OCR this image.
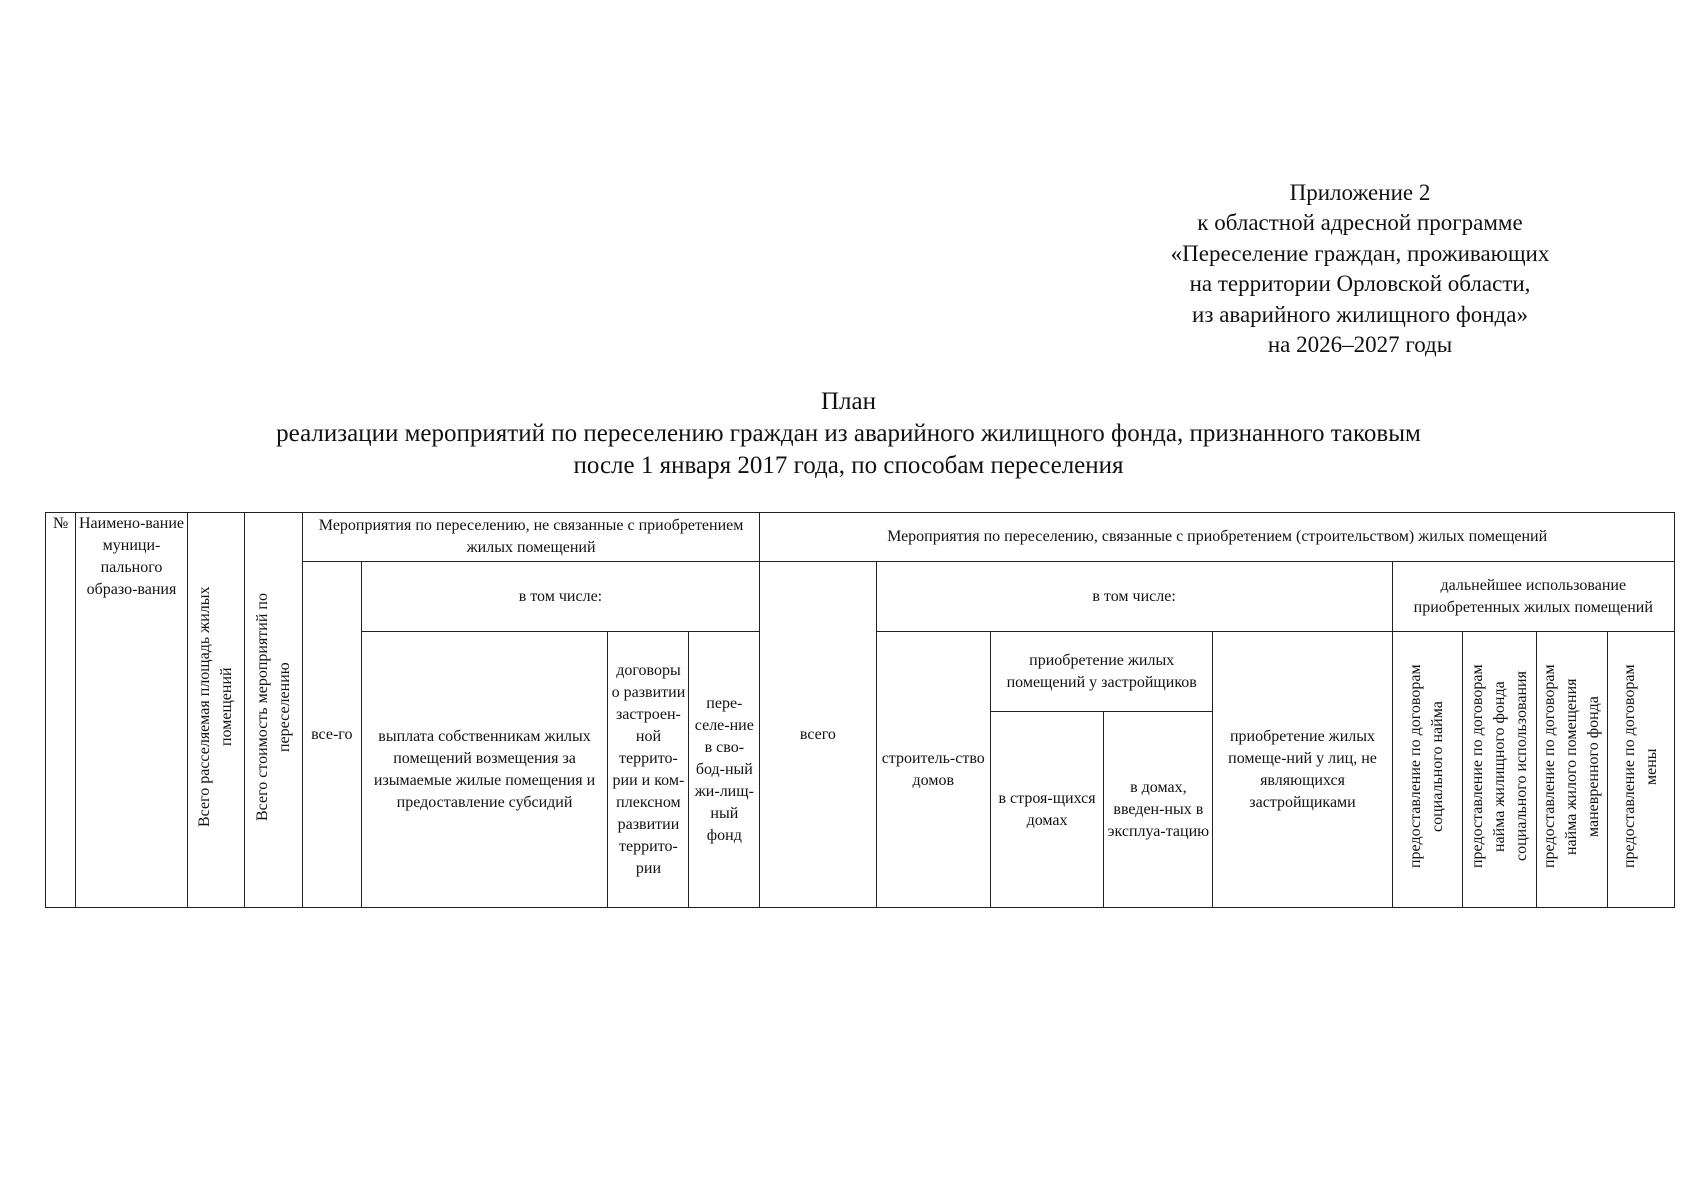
Приложение 2
к областной адресной программе
«Переселение граждан, проживающих
на территории Орловской области,
из аварийного жилищного фонда»
на 2026–2027 годы
План
реализации мероприятий по переселению граждан из аварийного жилищного фонда, признанного таковым
после 1 января 2017 года, по способам переселения
№	Наимено-вание муници-пального образо-вания	Всего расселяемая площадь жилых помещений	Всего стоимость мероприятий по переселению	Мероприятия по переселению, не связанные с приобретением жилых помещений				Мероприятия по переселению, связанные с приобретением (строительством) жилых помещений								
				все-го	в том числе:			всего	в том числе:				дальнейшее использование приобретенных жилых помещений			
					выплата собственникам жилых помещений возмещения за изымаемые жилые помещения и предоставление субсидий	договоры о развитии застроен-ной террито-рии и ком-плексном развитии террито-рии	пере-селе-ние в сво-бод-ный жи-лищ-ный фонд		строитель-ство домов	приобретение жилых помещений у застройщиков		приобретение жилых помеще-ний у лиц, не являющихся застройщиками	предоставление по договорам социального найма	предоставление по договорам найма жилищного фонда социального использования	предоставление по договорам найма жилого помещения маневренного фонда	предоставление по договорам мены
										в строя-щихся домах	в домах, введен-ных в эксплуа-тацию					
